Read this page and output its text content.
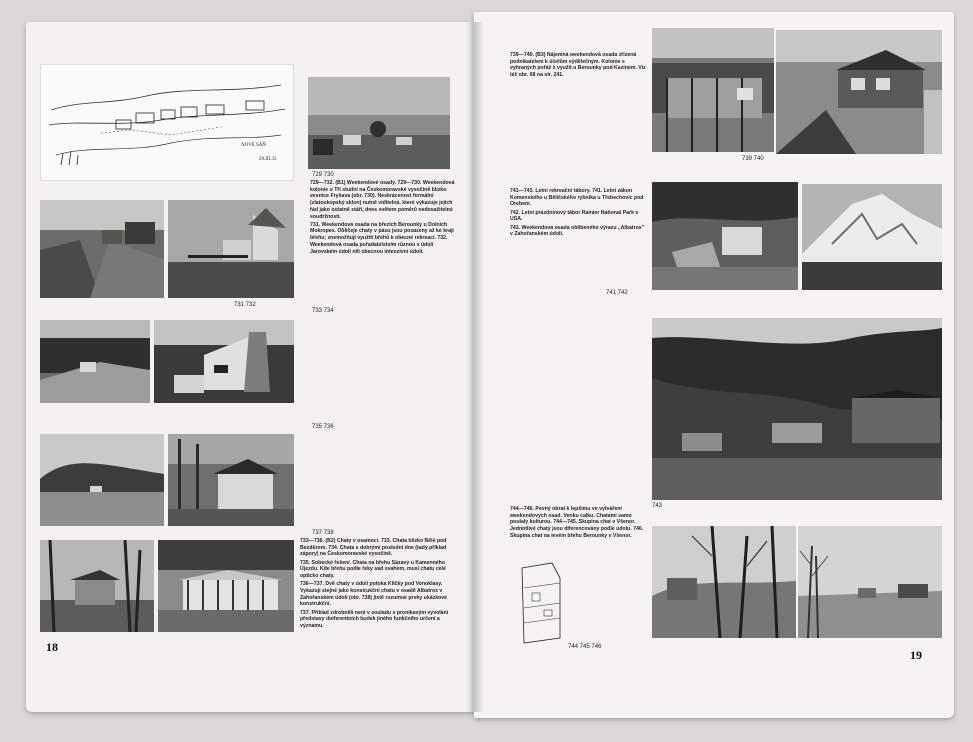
NOVÉ SÁŇ
29.III.33
729 730

729—732. (B1) Weekendové osady. 729—730. Weekendová kolonie u Tří studní na Českomoravské vysočině blízko vesnice Fryšava (obr. 730). Neskrácenost formální (zlatookopský sklon) nutně viditelná, které vykazuje jejich řád jako ostatně stáří, dnes světem poměrů nedosažitelné soudržnosti.

731. Weekendová osada na březích Berounky u Dolních Mokropes. Obličeje chaty v pásu jsou posazeny až ke kraji břehu; znemožňují využití břehů k obecné rekreaci. 732. Weekendová osada pořadatelstvím různou v údolí Jarovském údolí nili obecnou intenzivní údolí.

731 732
733 734
735 736
737 738

733—736. (B2) Chaty v osamocí. 733. Chata blízko Bělé pod Bezdězem. 734. Chata s dobrými poslední dne (tady příklad zápory) na Českomoravské vysočině.

735. Sobecké řešení. Chata na břehu Sázavy u Kamenného Újezdu. Kde břehu podle řeky sad svahem, musí chatu celé opticko chaty.

736—737. Dvě chaty v údolí potoka Kličky pod Vonoklasy. Vykazují stejné jako konstrukční chatu v osadě Albatros v Zahořanském údolí (obr. 738) jistě rozumné prvky ukázkové konstrukční.

737. Příklad zdrobnělí neni v souladu s pronikavým vyvolání představy doiferentních budek jiného funkčního určení a významu.

18
739—740. (B3) Nájemná weekendová osada zřízená podnikatelem k účelům výdělečným. Kolonie s vyhraných pořáž s využit u Berounky pod Kazínem. Viz též obr. 68 na str. 241.
739 740

741—743. Letní rekreační tábory. 741. Letní zákon Komenského u Běličského rybníka u Třebechovic pod Orebem.

742. Letní prázdninový tábor Rainier National Park v USA.

743. Weekendová osada oblíbeného výrazu „Albatros" v Zahořanském údolí.

741 742
743
744—746. Pevný obrat k lepšímu ve vytváření weekendových osad. Venku calku. Chatami samo poulaly kulturou. 744—745. Skupina chat v Všenor. Jednotlivé chaty jsou diferencovány podle údolu. 746. Skupina chat na levém břehu Berounky v Všenor.
744 745 746
19
